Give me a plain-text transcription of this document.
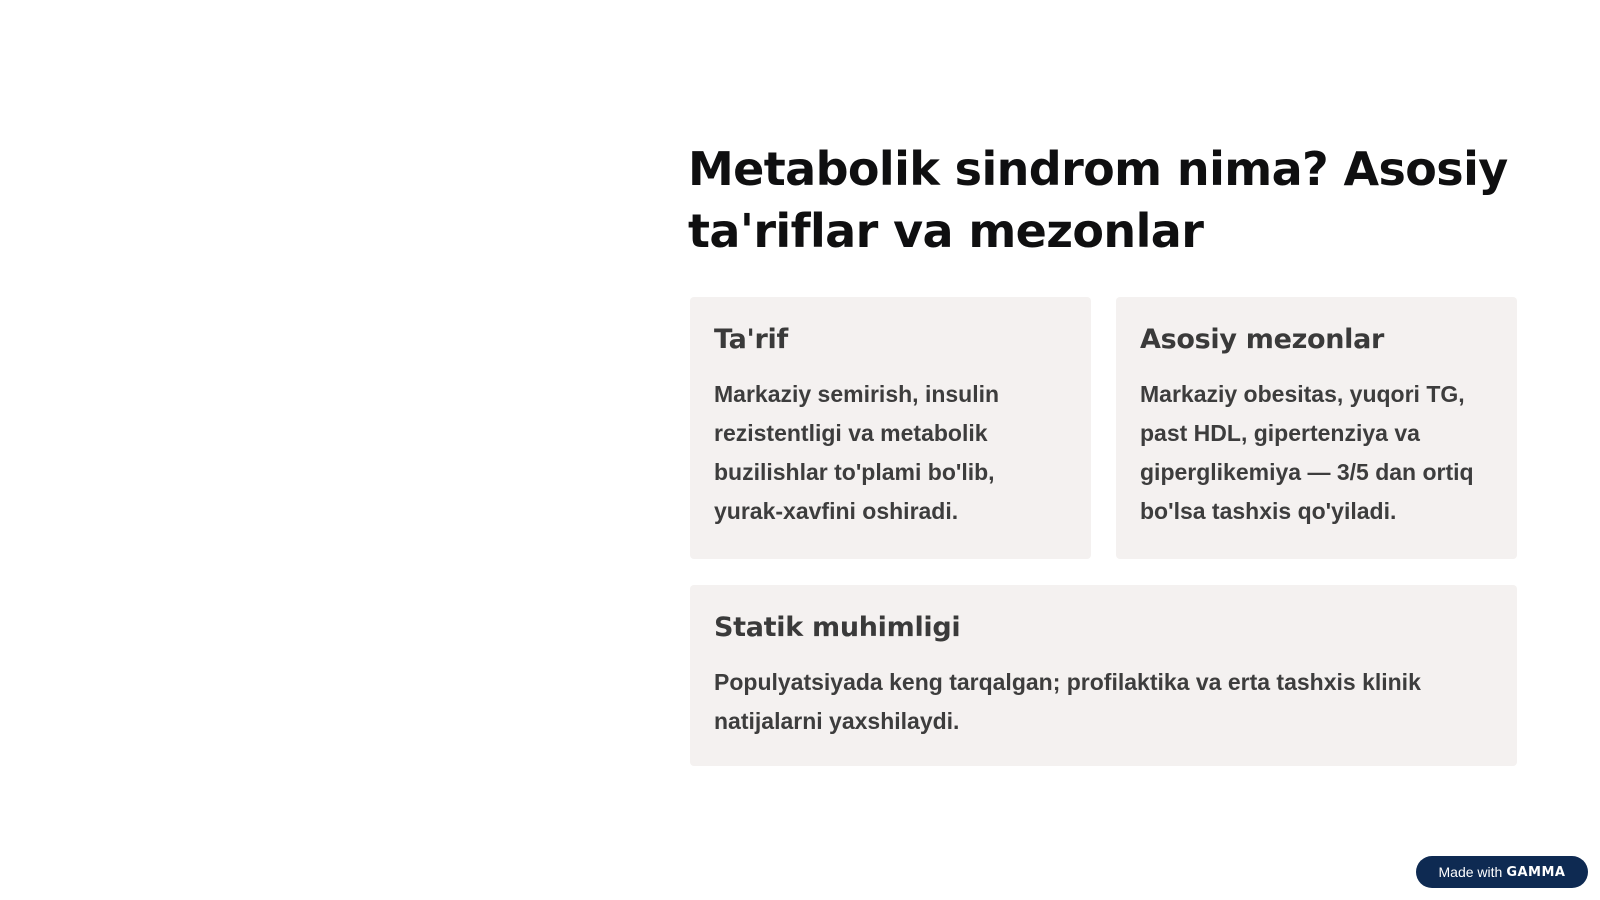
Metabolik sindrom nima? Asosiy ta'riflar va mezonlar
Ta'rif

Markaziy semirish, insulin rezistentligi va metabolik buzilishlar to'plami bo'lib, yurak-xavfini oshiradi.

Asosiy mezonlar

Markaziy obesitas, yuqori TG, past HDL, gipertenziya va giperglikemiya — 3/5 dan ortiq bo'lsa tashxis qo'yiladi.

Statik muhimligi

Populyatsiyada keng tarqalgan; profilaktika va erta tashxis klinik natijalarni yaxshilaydi.

Made with GAMMA
